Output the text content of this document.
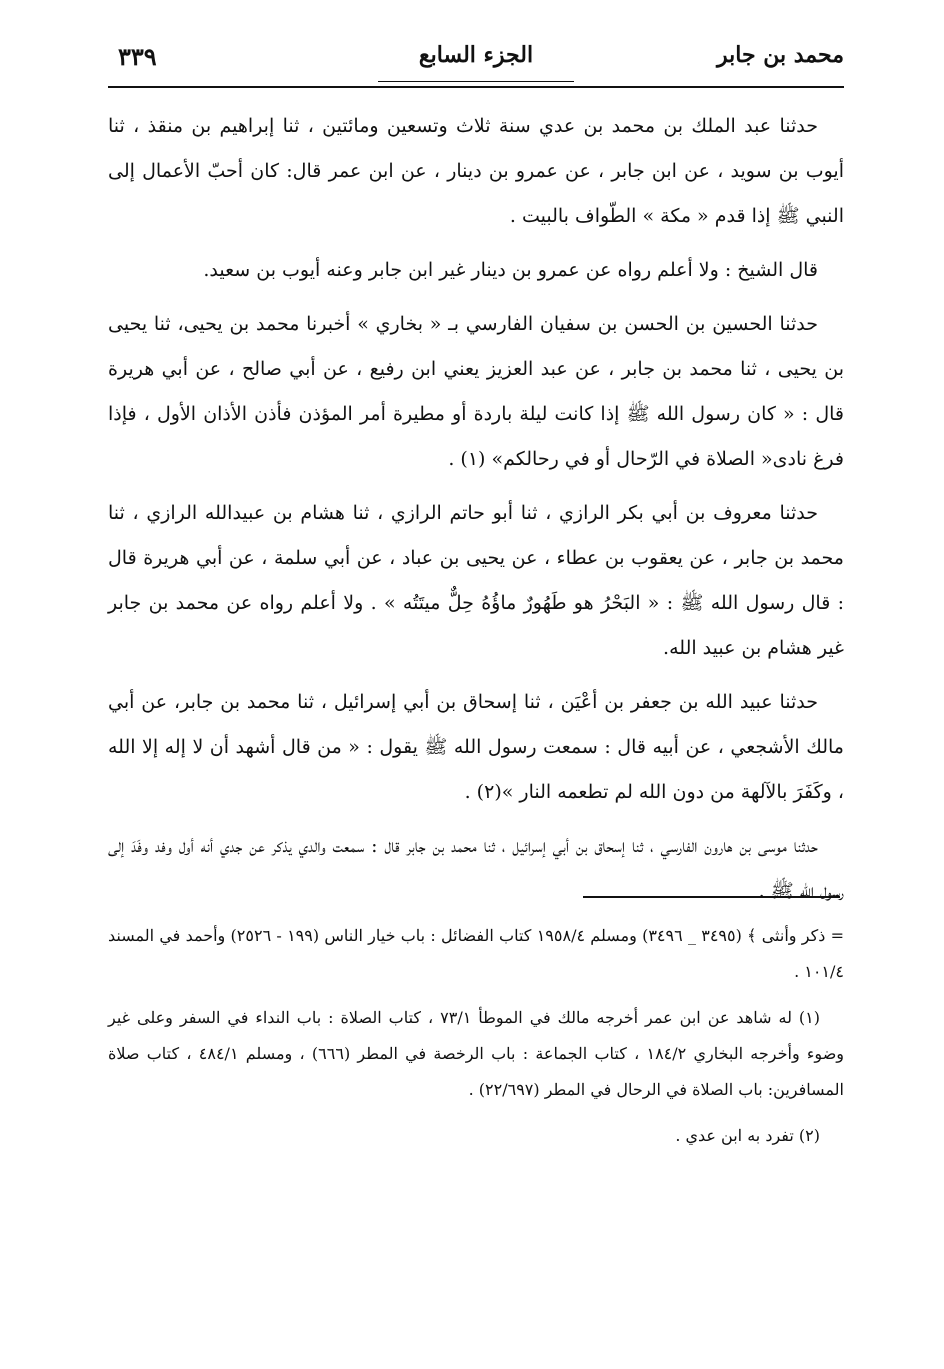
محمد بن جابر
الجزء السابع
٣٣٩

حدثنا عبد الملك بن محمد بن عدي سنة ثلاث وتسعين ومائتين ، ثنا إبراهيم بن منقذ ، ثنا أيوب بن سويد ، عن ابن جابر ، عن عمرو بن دينار ، عن ابن عمر قال: كان أحبّ الأعمال إلى النبي ﷺ إذا قدم « مكة » الطّواف بالبيت .

قال الشيخ : ولا أعلم رواه عن عمرو بن دينار غير ابن جابر وعنه أيوب بن سعيد.

حدثنا الحسين بن الحسن بن سفيان الفارسي بـ « بخاري » أخبرنا محمد بن يحيى، ثنا يحيى بن يحيى ، ثنا محمد بن جابر ، عن عبد العزيز يعني ابن رفيع ، عن أبي صالح ، عن أبي هريرة قال : « كان رسول الله ﷺ إذا كانت ليلة باردة أو مطيرة أمر المؤذن فأذن الأذان الأول ، فإذا فرغ نادى« الصلاة في الرّحال أو في رحالكم» (١) .

حدثنا معروف بن أبي بكر الرازي ، ثنا أبو حاتم الرازي ، ثنا هشام بن عبيدالله الرازي ، ثنا محمد بن جابر ، عن يعقوب بن عطاء ، عن يحيى بن عباد ، عن أبي سلمة ، عن أبي هريرة قال : قال رسول الله ﷺ : « البَحْرُ هو طَهُورٌ ماؤُهُ حِلٌّ ميتَتُه » . ولا أعلم رواه عن محمد بن جابر غير هشام بن عبيد الله.

حدثنا عبيد الله بن جعفر بن أعْيَن ، ثنا إسحاق بن أبي إسرائيل ، ثنا محمد بن جابر، عن أبي مالك الأشجعي ، عن أبيه قال : سمعت رسول الله ﷺ يقول : « من قال أشهد أن لا إله إلا الله ، وكَفَرَ بالآلهة من دون الله لم تطعمه النار »(٢) .

حدثنا موسى بن هارون الفارسي ، ثنا إسحاق بن أبي إسرائيل ، ثنا محمد بن جابر قال : سمعت والدي يذكر عن جدي أنه أول وفد وفَدَ إلى رسول الله ﷺ .

= ذكر وأنثى ﴾ (٣٤٩٥ _ ٣٤٩٦) ومسلم ١٩٥٨/٤ كتاب الفضائل : باب خيار الناس (١٩٩ - ٢٥٢٦) وأحمد في المسند ١٠١/٤ .

(١) له شاهد عن ابن عمر أخرجه مالك في الموطأ ٧٣/١ ، كتاب الصلاة : باب النداء في السفر وعلى غير وضوء وأخرجه البخاري ١٨٤/٢ ، كتاب الجماعة : باب الرخصة في المطر (٦٦٦) ، ومسلم ٤٨٤/١ ، كتاب صلاة المسافرين: باب الصلاة في الرحال في المطر (٢٢/٦٩٧) .

(٢) تفرد به ابن عدي .
